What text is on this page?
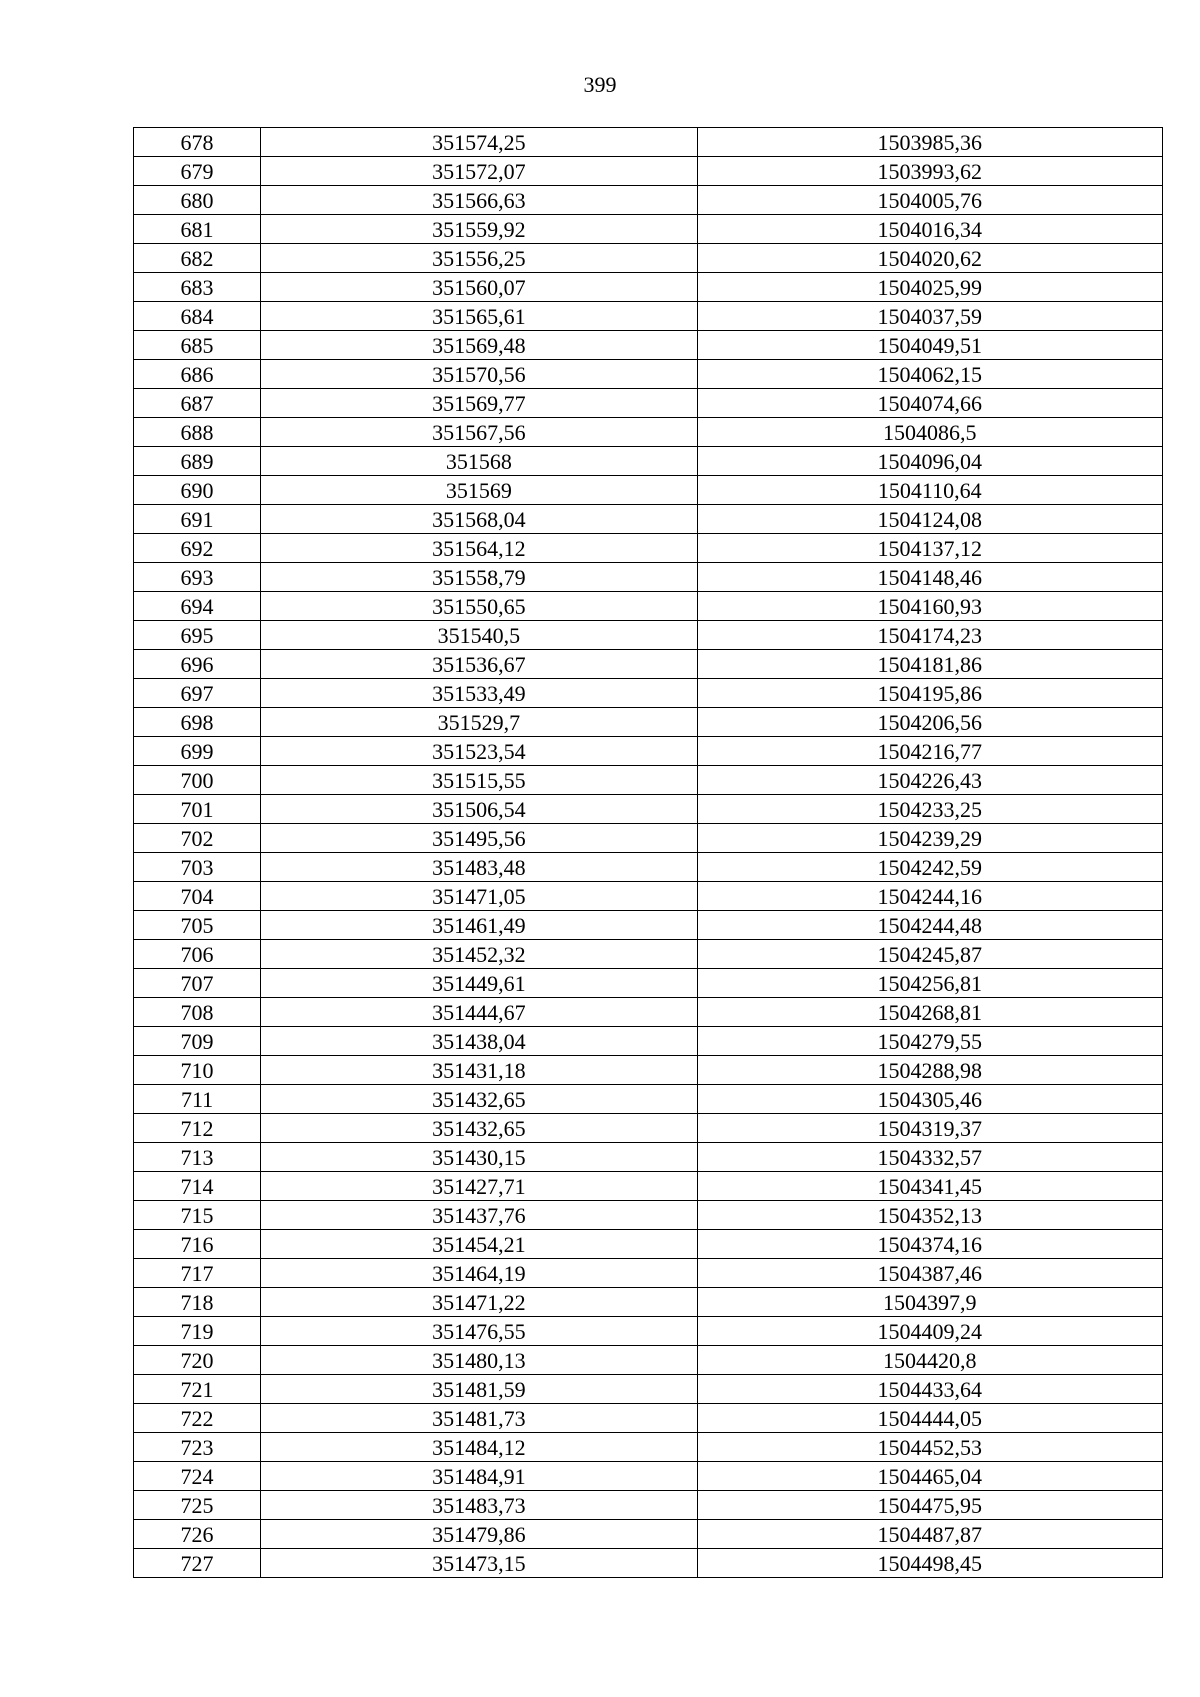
399
678	351574,25	1503985,36
679	351572,07	1503993,62
680	351566,63	1504005,76
681	351559,92	1504016,34
682	351556,25	1504020,62
683	351560,07	1504025,99
684	351565,61	1504037,59
685	351569,48	1504049,51
686	351570,56	1504062,15
687	351569,77	1504074,66
688	351567,56	1504086,5
689	351568	1504096,04
690	351569	1504110,64
691	351568,04	1504124,08
692	351564,12	1504137,12
693	351558,79	1504148,46
694	351550,65	1504160,93
695	351540,5	1504174,23
696	351536,67	1504181,86
697	351533,49	1504195,86
698	351529,7	1504206,56
699	351523,54	1504216,77
700	351515,55	1504226,43
701	351506,54	1504233,25
702	351495,56	1504239,29
703	351483,48	1504242,59
704	351471,05	1504244,16
705	351461,49	1504244,48
706	351452,32	1504245,87
707	351449,61	1504256,81
708	351444,67	1504268,81
709	351438,04	1504279,55
710	351431,18	1504288,98
711	351432,65	1504305,46
712	351432,65	1504319,37
713	351430,15	1504332,57
714	351427,71	1504341,45
715	351437,76	1504352,13
716	351454,21	1504374,16
717	351464,19	1504387,46
718	351471,22	1504397,9
719	351476,55	1504409,24
720	351480,13	1504420,8
721	351481,59	1504433,64
722	351481,73	1504444,05
723	351484,12	1504452,53
724	351484,91	1504465,04
725	351483,73	1504475,95
726	351479,86	1504487,87
727	351473,15	1504498,45
